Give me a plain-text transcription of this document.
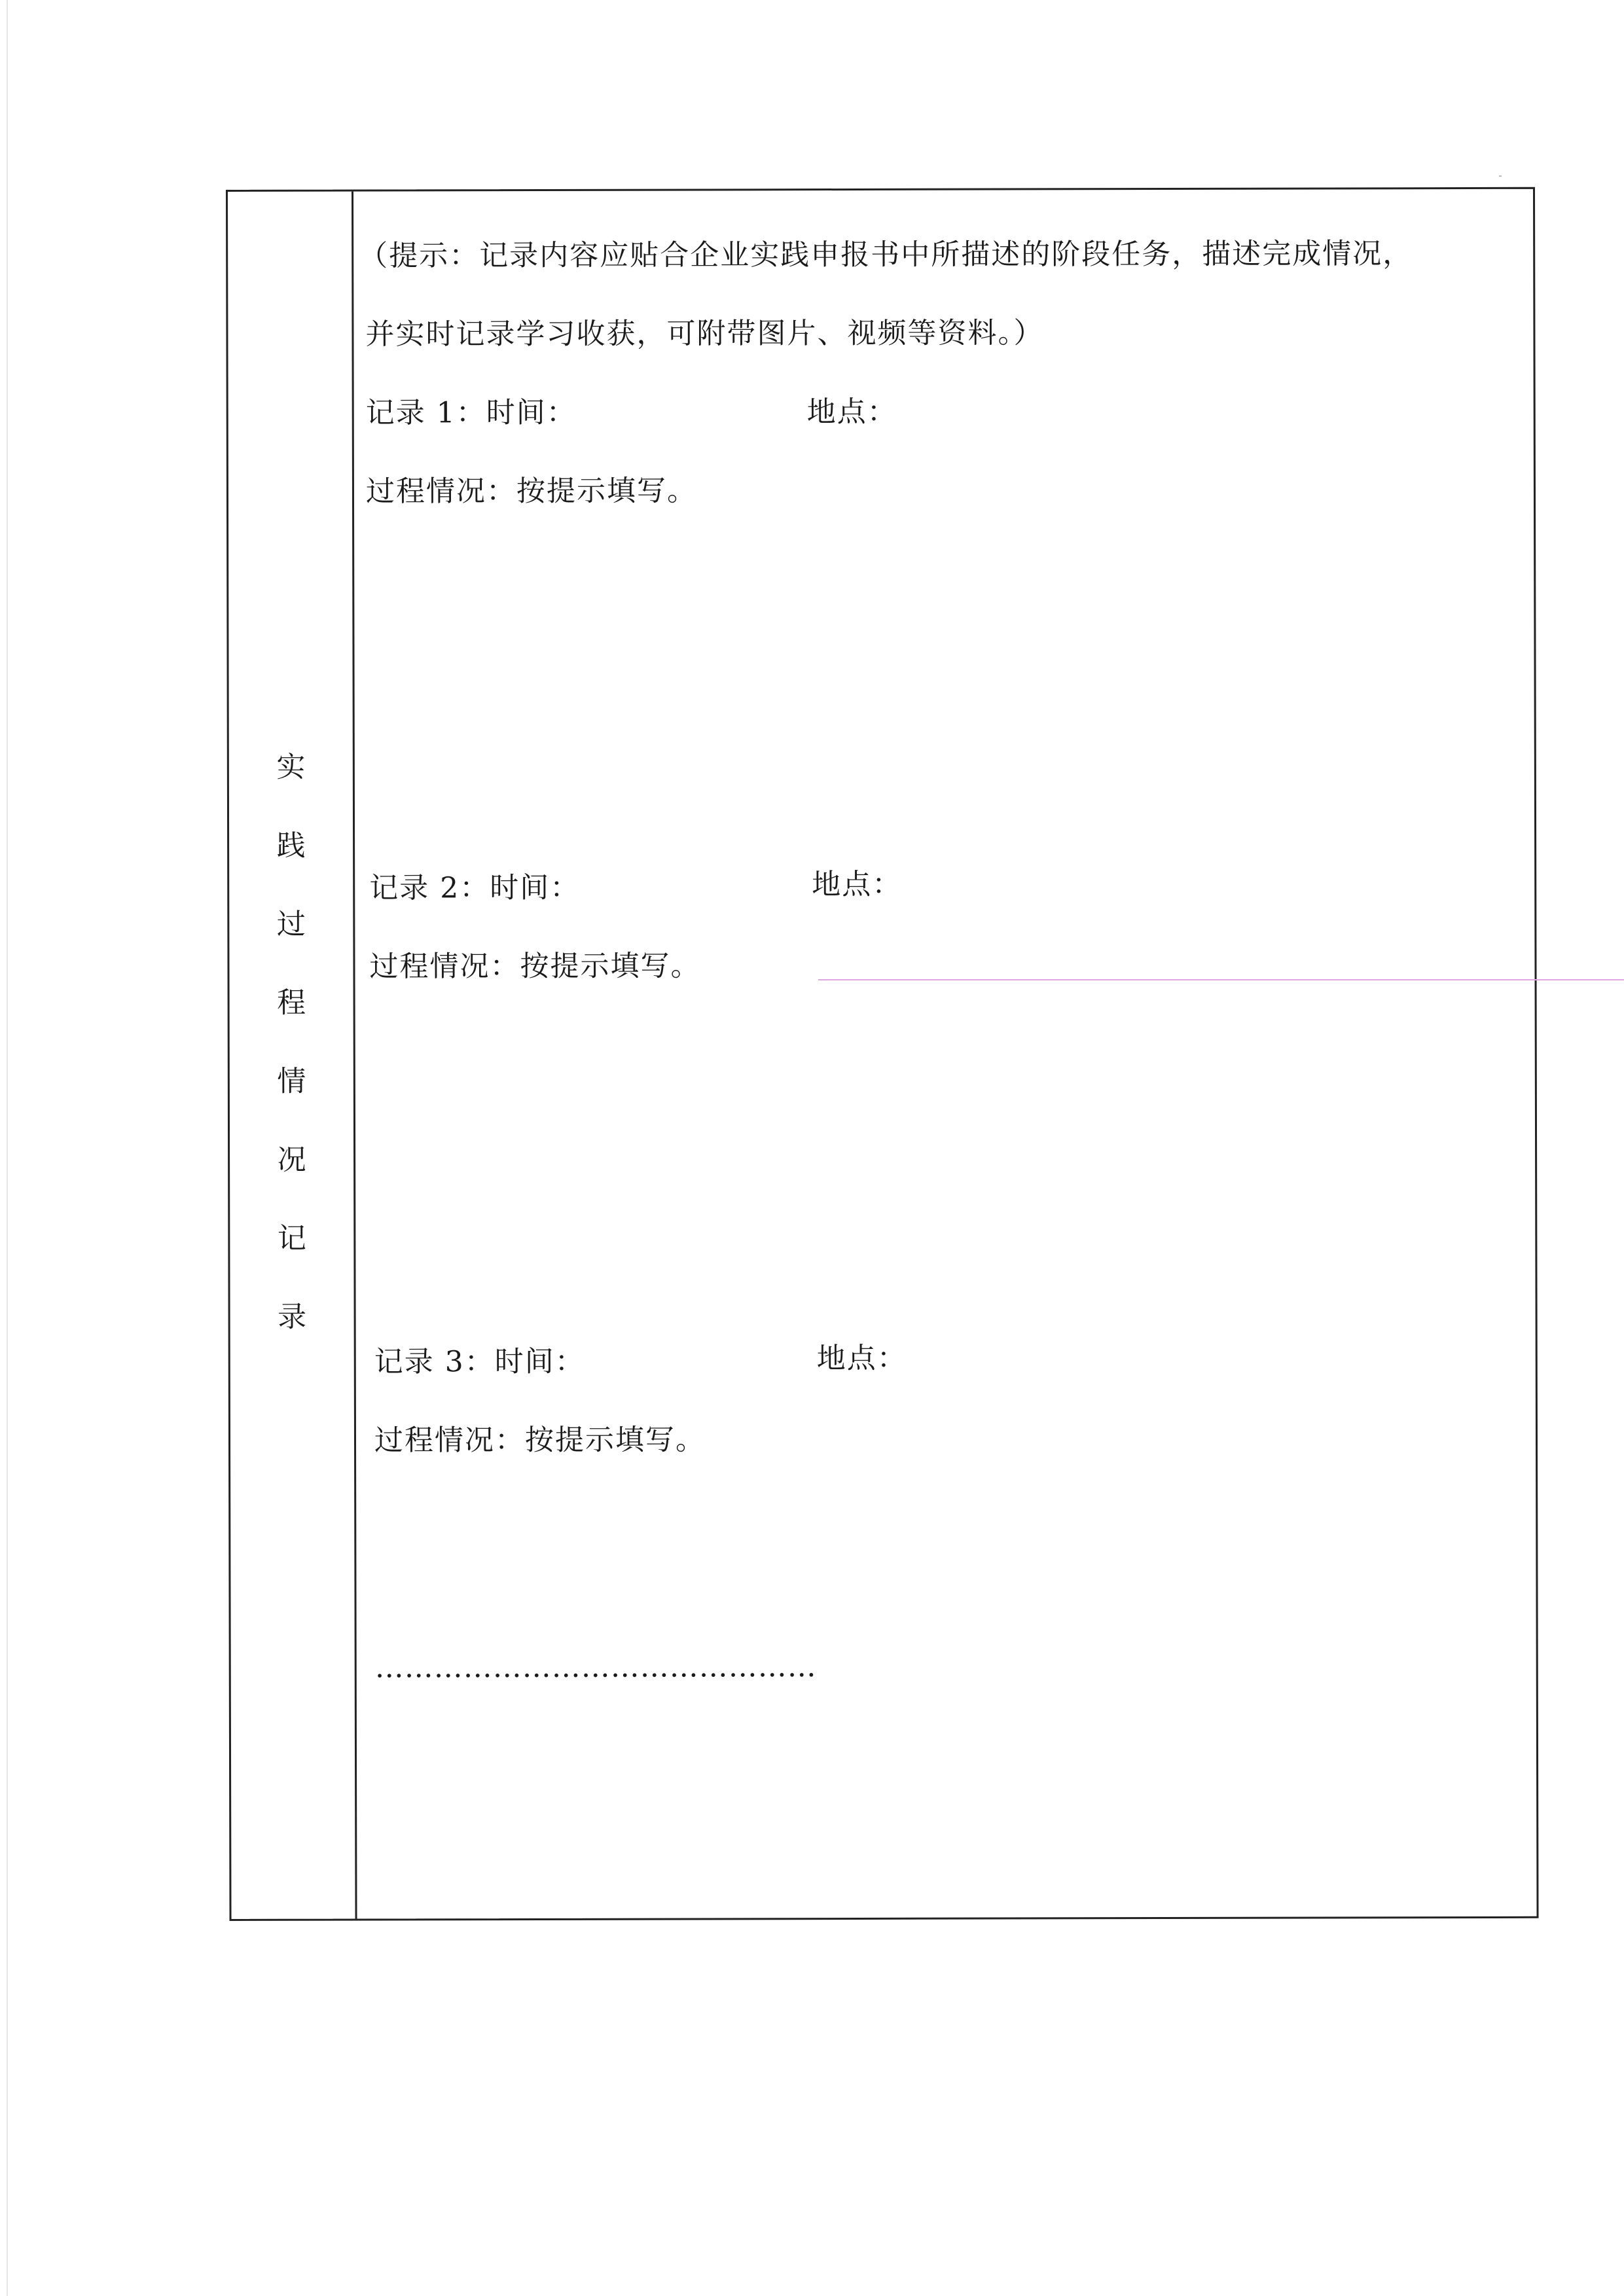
实
践
过
程
情
况
记
录
（提示：记录内容应贴合企业实践申报书中所描述的阶段任务，描述完成情况，
并实时记录学习收获，可附带图片、视频等资料。）
记录 1：时间：	地点：
过程情况：按提示填写。
记录 2：时间：	地点：
过程情况：按提示填写。
记录 3：时间：	地点：
过程情况：按提示填写。
………………………………………
